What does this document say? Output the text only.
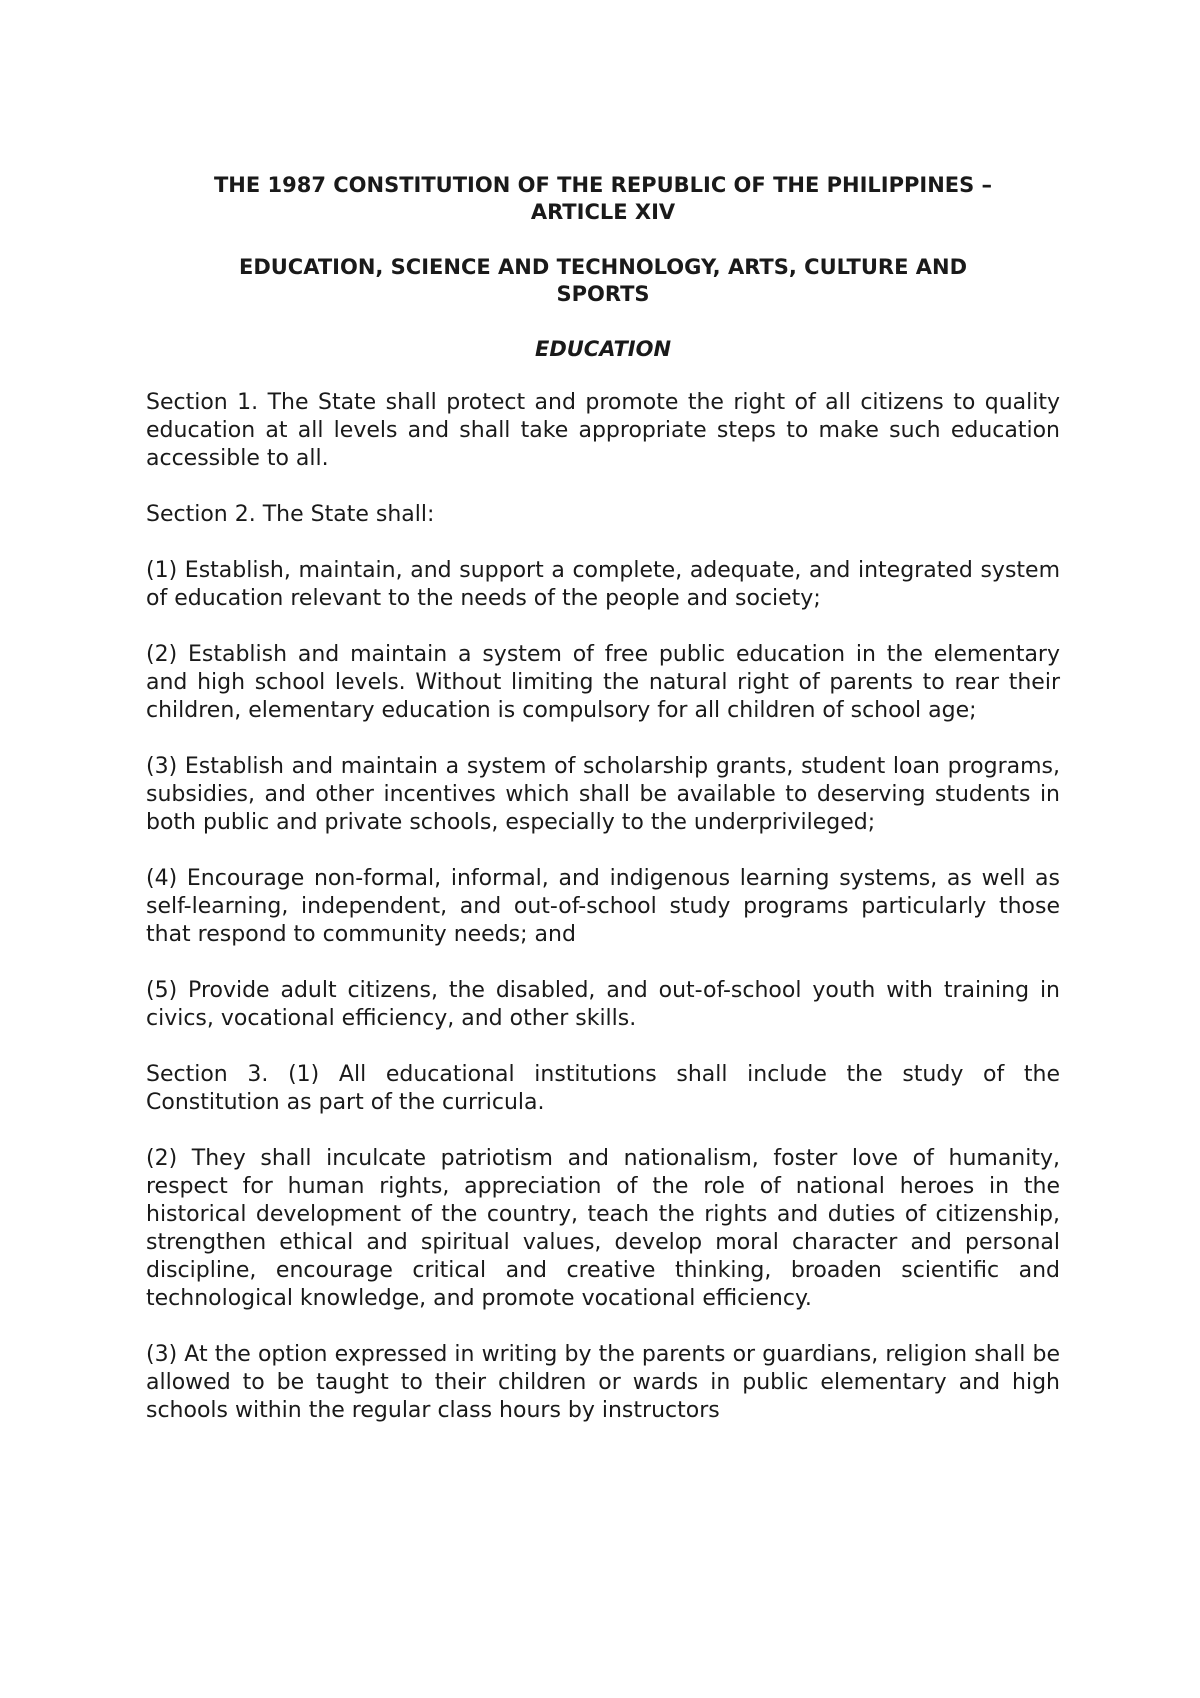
THE 1987 CONSTITUTION OF THE REPUBLIC OF THE PHILIPPINES –
ARTICLE XIV
EDUCATION, SCIENCE AND TECHNOLOGY, ARTS, CULTURE AND
SPORTS
EDUCATION

Section 1. The State shall protect and promote the right of all citizens to quality education at all levels and shall take appropriate steps to make such education accessible to all.

Section 2. The State shall:

(1) Establish, maintain, and support a complete, adequate, and integrated system of education relevant to the needs of the people and society;

(2) Establish and maintain a system of free public education in the elementary and high school levels. Without limiting the natural right of parents to rear their children, elementary education is compulsory for all children of school age;

(3) Establish and maintain a system of scholarship grants, student loan programs, subsidies, and other incentives which shall be available to deserving students in both public and private schools, especially to the underprivileged;

(4) Encourage non-formal, informal, and indigenous learning systems, as well as self-learning, independent, and out-of-school study programs particularly those that respond to community needs; and

(5) Provide adult citizens, the disabled, and out-of-school youth with training in civics, vocational efficiency, and other skills.

Section 3. (1) All educational institutions shall include the study of the Constitution as part of the curricula.

(2) They shall inculcate patriotism and nationalism, foster love of humanity, respect for human rights, appreciation of the role of national heroes in the historical development of the country, teach the rights and duties of citizenship, strengthen ethical and spiritual values, develop moral character and personal discipline, encourage critical and creative thinking, broaden scientific and technological knowledge, and promote vocational efficiency.

(3) At the option expressed in writing by the parents or guardians, religion shall be allowed to be taught to their children or wards in public elementary and high schools within the regular class hours by instructors
